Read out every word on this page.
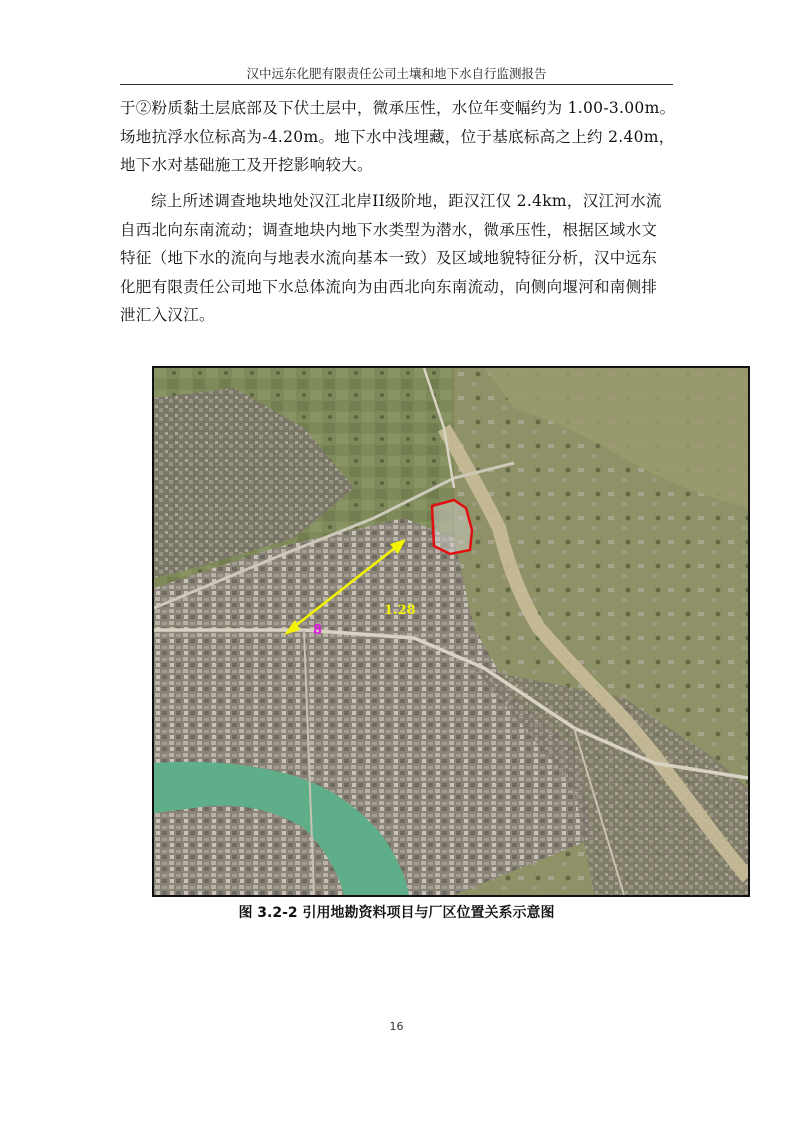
汉中远东化肥有限责任公司土壤和地下水自行监测报告
于②粉质黏土层底部及下伏土层中，微承压性，水位年变幅约为 1.00-3.00m。
场地抗浮水位标高为-4.20m。地下水中浅埋藏，位于基底标高之上约 2.40m，
地下水对基础施工及开挖影响较大。
综上所述调查地块地处汉江北岸II级阶地，距汉江仅 2.4km，汉江河水流
自西北向东南流动；调查地块内地下水类型为潜水，微承压性，根据区域水文
特征（地下水的流向与地表水流向基本一致）及区域地貌特征分析，汉中远东
化肥有限责任公司地下水总体流向为由西北向东南流动，向侧向堰河和南侧排
泄汇入汉江。
1.28
8
图 3.2-2 引用地勘资料项目与厂区位置关系示意图
16
